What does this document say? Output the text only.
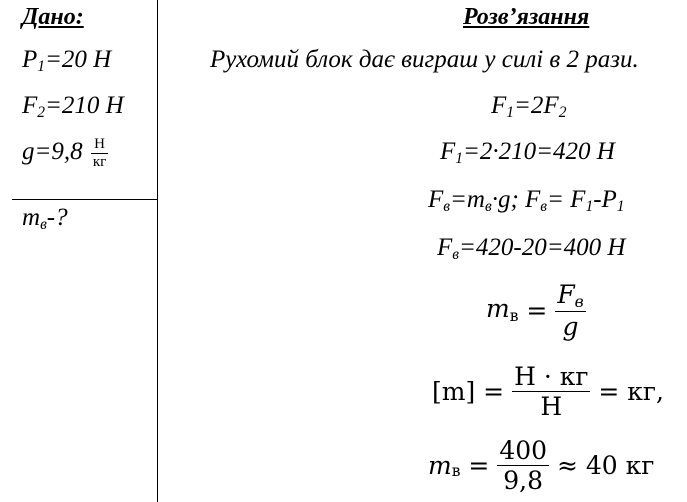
Дано:
$P_1=20$ Н
$F_2=210$ Н
$g=9,8 \frac{Н}{кг}$
$m_в-$?
Розв’язання
Рухомий блок дає виграш у силі в 2 рази.
$F_1=2F_2$
$F_1=2\cdot 210=420$ Н
$F_в=m_в\cdot g$; $F_в= F_1-P_1$
$F_в=420-20=400$ Н
$m_в = \frac{F_в}{g}$
$[m] = \frac{Н \cdot кг}{Н}$ = кг,
$m_в = \frac{400}{9,8} \approx 40$ кг
